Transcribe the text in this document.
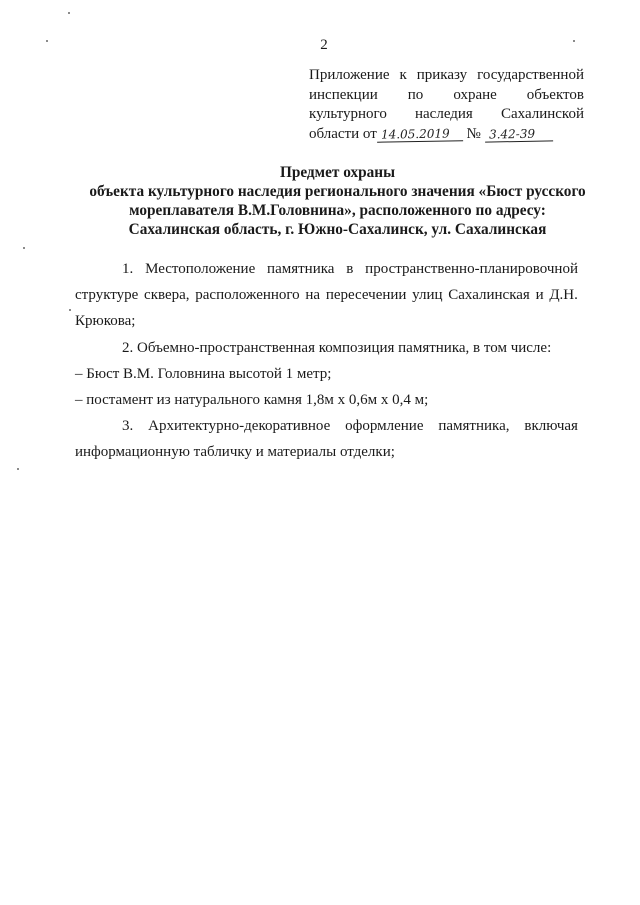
2
Приложение к приказу государственной
инспекции по охране объектов
культурного наследия Сахалинской
области от 14.05.2019 № 3.42-39
Предмет охраны
объекта культурного наследия регионального значения «Бюст русского
мореплавателя В.М.Головнина», расположенного по адресу:
Сахалинская область, г. Южно-Сахалинск, ул. Сахалинская
1. Местоположение памятника в пространственно-планировочной
структуре сквера, расположенного на пересечении улиц Сахалинская и Д.Н.
Крюкова;
2. Объемно-пространственная композиция памятника, в том числе:
– Бюст В.М. Головнина высотой 1 метр;
– постамент из натурального камня 1,8м х 0,6м х 0,4 м;
3. Архитектурно-декоративное оформление памятника, включая
информационную табличку и материалы отделки;
